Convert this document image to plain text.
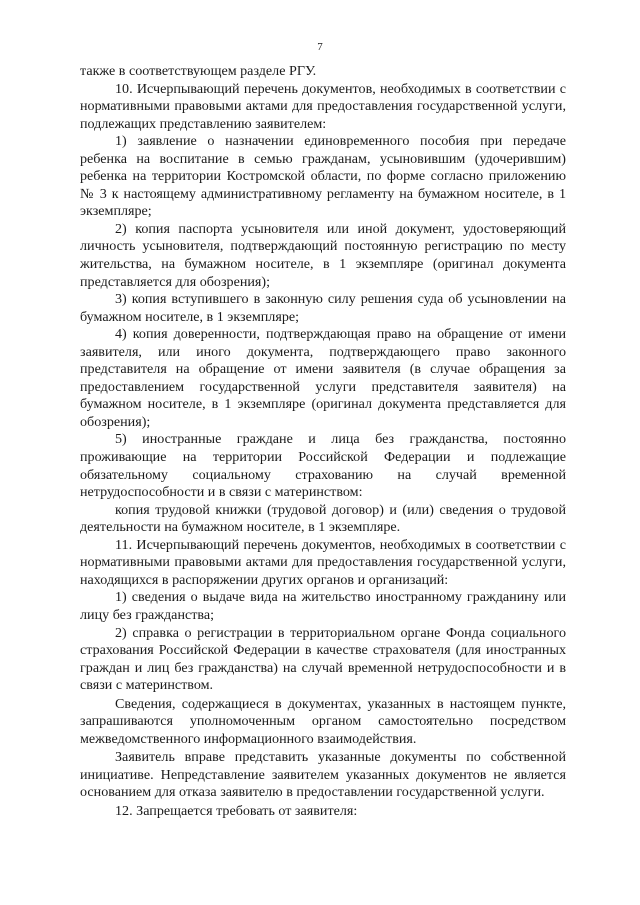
7

также в соответствующем разделе РГУ.

10. Исчерпывающий перечень документов, необходимых в соответствии с нормативными правовыми актами для предоставления государственной услуги, подлежащих представлению заявителем:

1) заявление о назначении единовременного пособия при передаче ребенка на воспитание в семью гражданам, усыновившим (удочерившим) ребенка на территории Костромской области, по форме согласно приложению № 3 к настоящему административному регламенту на бумажном носителе, в 1 экземпляре;

2) копия паспорта усыновителя или иной документ, удостоверяющий личность усыновителя, подтверждающий постоянную регистрацию по месту жительства, на бумажном носителе, в 1 экземпляре (оригинал документа представляется для обозрения);

3) копия вступившего в законную силу решения суда об усыновлении на бумажном носителе, в 1 экземпляре;

4) копия доверенности, подтверждающая право на обращение от имени заявителя, или иного документа, подтверждающего право законного представителя на обращение от имени заявителя (в случае обращения за предоставлением государственной услуги представителя заявителя) на бумажном носителе, в 1 экземпляре (оригинал документа представляется для обозрения);

5) иностранные граждане и лица без гражданства, постоянно проживающие на территории Российской Федерации и подлежащие обязательному социальному страхованию на случай временной нетрудоспособности и в связи с материнством:

копия трудовой книжки (трудовой договор) и (или) сведения о трудовой деятельности на бумажном носителе, в 1 экземпляре.

11. Исчерпывающий перечень документов, необходимых в соответствии с нормативными правовыми актами для предоставления государственной услуги, находящихся в распоряжении других органов и организаций:

1) сведения о выдаче вида на жительство иностранному гражданину или лицу без гражданства;

2) справка о регистрации в территориальном органе Фонда социального страхования Российской Федерации в качестве страхователя (для иностранных граждан и лиц без гражданства) на случай временной нетрудоспособности и в связи с материнством.

Сведения, содержащиеся в документах, указанных в настоящем пункте, запрашиваются уполномоченным органом самостоятельно посредством межведомственного информационного взаимодействия.

Заявитель вправе представить указанные документы по собственной инициативе. Непредставление заявителем указанных документов не является основанием для отказа заявителю в предоставлении государственной услуги.

12. Запрещается требовать от заявителя:
